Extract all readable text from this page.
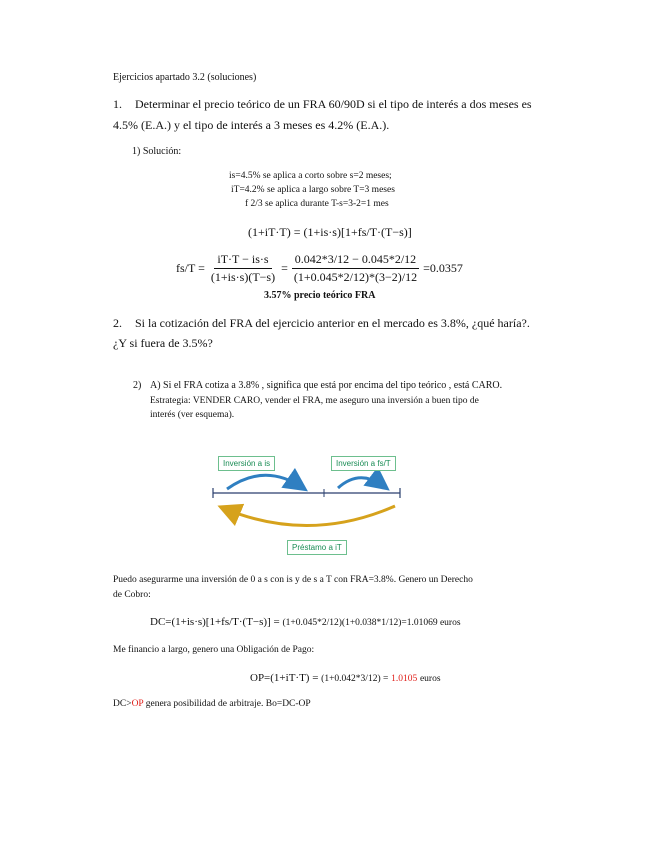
Ejercicios apartado 3.2 (soluciones)
1. Determinar el precio teórico de un FRA 60/90D si el tipo de interés a dos meses es
4.5% (E.A.) y el tipo de interés a 3 meses es 4.2% (E.A.).
1) Solución:
is=4.5% se aplica a corto sobre s=2 meses;
iT=4.2% se aplica a largo sobre T=3 meses
f 2/3 se aplica durante T-s=3-2=1 mes
(1+iT·T) = (1+is·s)[1+fs/T·(T−s)]
$fs/T = \frac{iT\cdot T - is\cdot s}{(1+is\cdot s)(T-s)} = \frac{0.042*3/12 - 0.045*2/12}{(1+0.045*2/12)*(3-2)/12} =0.0357$
3.57% precio teórico FRA
2. Si la cotización del FRA del ejercicio anterior en el mercado es 3.8%, ¿qué haría?.
¿Y si fuera de 3.5%?
2) A) Si el FRA cotiza a 3.8% , significa que está por encima del tipo teórico , está CARO.
Estrategia: VENDER CARO, vender el FRA, me aseguro una inversión a buen tipo de
interés (ver esquema).
Inversión a is	Inversión a fs/T
Préstamo a iT
Puedo asegurarme una inversión de 0 a s con is y de s a T con FRA=3.8%. Genero un Derecho
de Cobro:
DC=(1+is·s)[1+fs/T·(T−s)] = (1+0.045*2/12)(1+0.038*1/12)=1.01069 euros
Me financio a largo, genero una Obligación de Pago:
OP=(1+iT·T) = (1+0.042*3/12) = 1.0105 euros
DC>OP genera posibilidad de arbitraje. Bo=DC-OP
